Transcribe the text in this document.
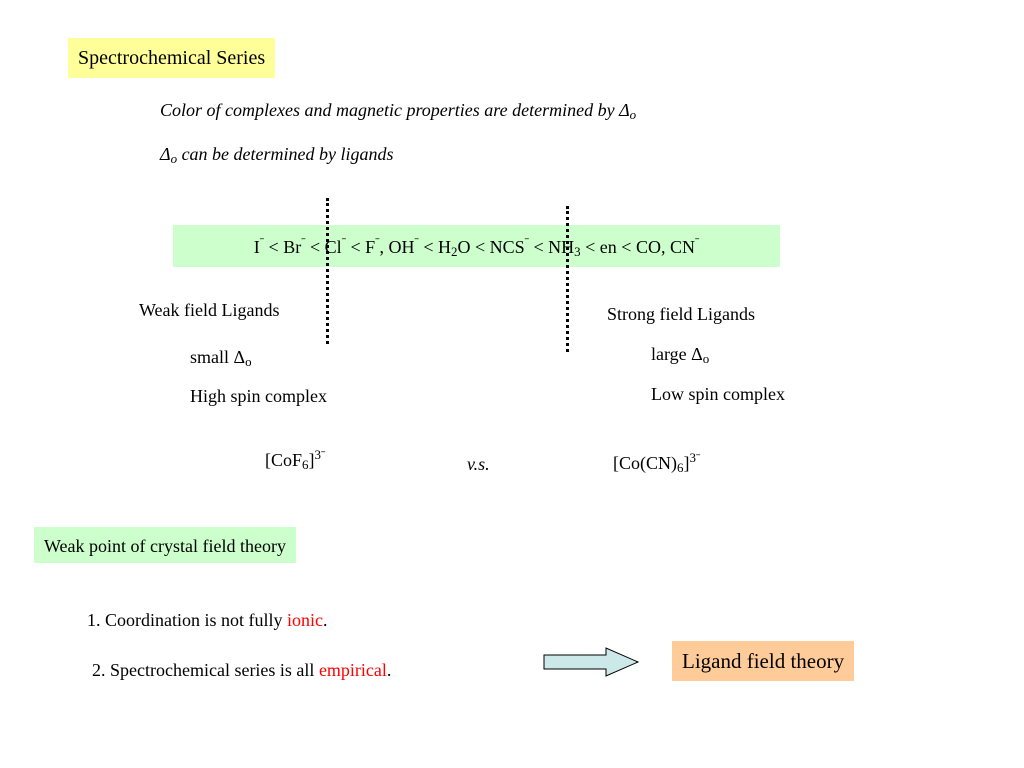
Spectrochemical Series
Color of complexes and magnetic properties are determined by $\Delta_o$
$\Delta_o$ can be determined by ligands
$I^ˉ < Br^ˉ < Cl^ˉ < F^ˉ$, $OH^ˉ < H_2O < NCS^ˉ < NH_3$ < en < CO, $CN^ˉ$
Weak field Ligands
small $\Delta_o$
High spin complex
Strong field Ligands
large $\Delta_o$
Low spin complex
$[CoF_6]^{3ˉ}$	v.s.	$[Co(CN)_6]^{3ˉ}$
Weak point of crystal field theory
1. Coordination is not fully ionic.
2. Spectrochemical series is all empirical.	Ligand field theory
